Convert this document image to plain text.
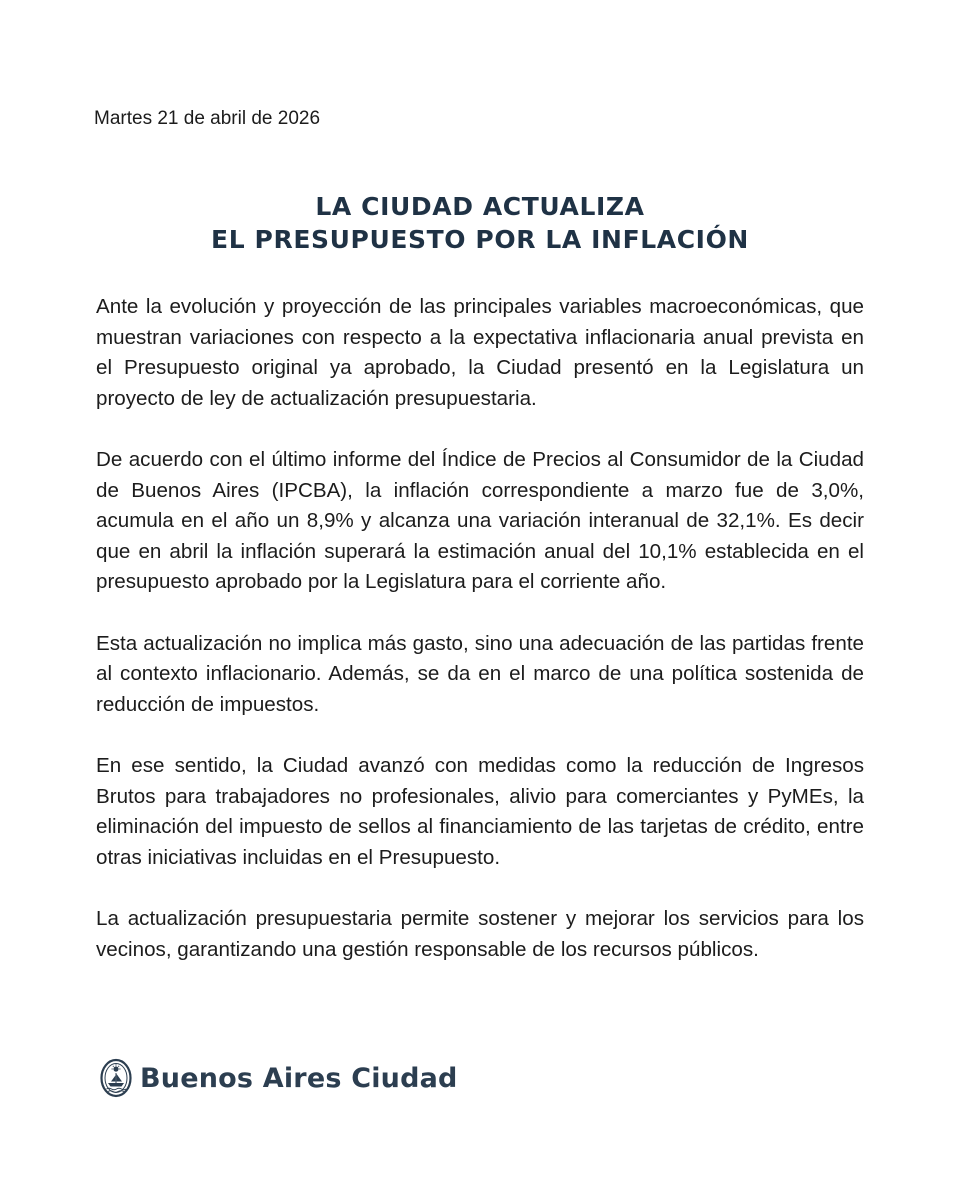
Martes 21 de abril de 2026
LA CIUDAD ACTUALIZA
EL PRESUPUESTO POR LA INFLACIÓN

Ante la evolución y proyección de las principales variables macroeconómicas, que muestran variaciones con respecto a la expectativa inflacionaria anual prevista en el Presupuesto original ya aprobado, la Ciudad presentó en la Legislatura un proyecto de ley de actualización presupuestaria.

De acuerdo con el último informe del Índice de Precios al Consumidor de la Ciudad de Buenos Aires (IPCBA), la inflación correspondiente a marzo fue de 3,0%, acumula en el año un 8,9% y alcanza una variación interanual de 32,1%. Es decir que en abril la inflación superará la estimación anual del 10,1% establecida en el presupuesto aprobado por la Legislatura para el corriente año.

Esta actualización no implica más gasto, sino una adecuación de las partidas frente al contexto inflacionario. Además, se da en el marco de una política sostenida de reducción de impuestos.

En ese sentido, la Ciudad avanzó con medidas como la reducción de Ingresos Brutos para trabajadores no profesionales, alivio para comerciantes y PyMEs, la eliminación del impuesto de sellos al financiamiento de las tarjetas de crédito, entre otras iniciativas incluidas en el Presupuesto.

La actualización presupuestaria permite sostener y mejorar los servicios para los vecinos, garantizando una gestión responsable de los recursos públicos.

Buenos Aires Ciudad
